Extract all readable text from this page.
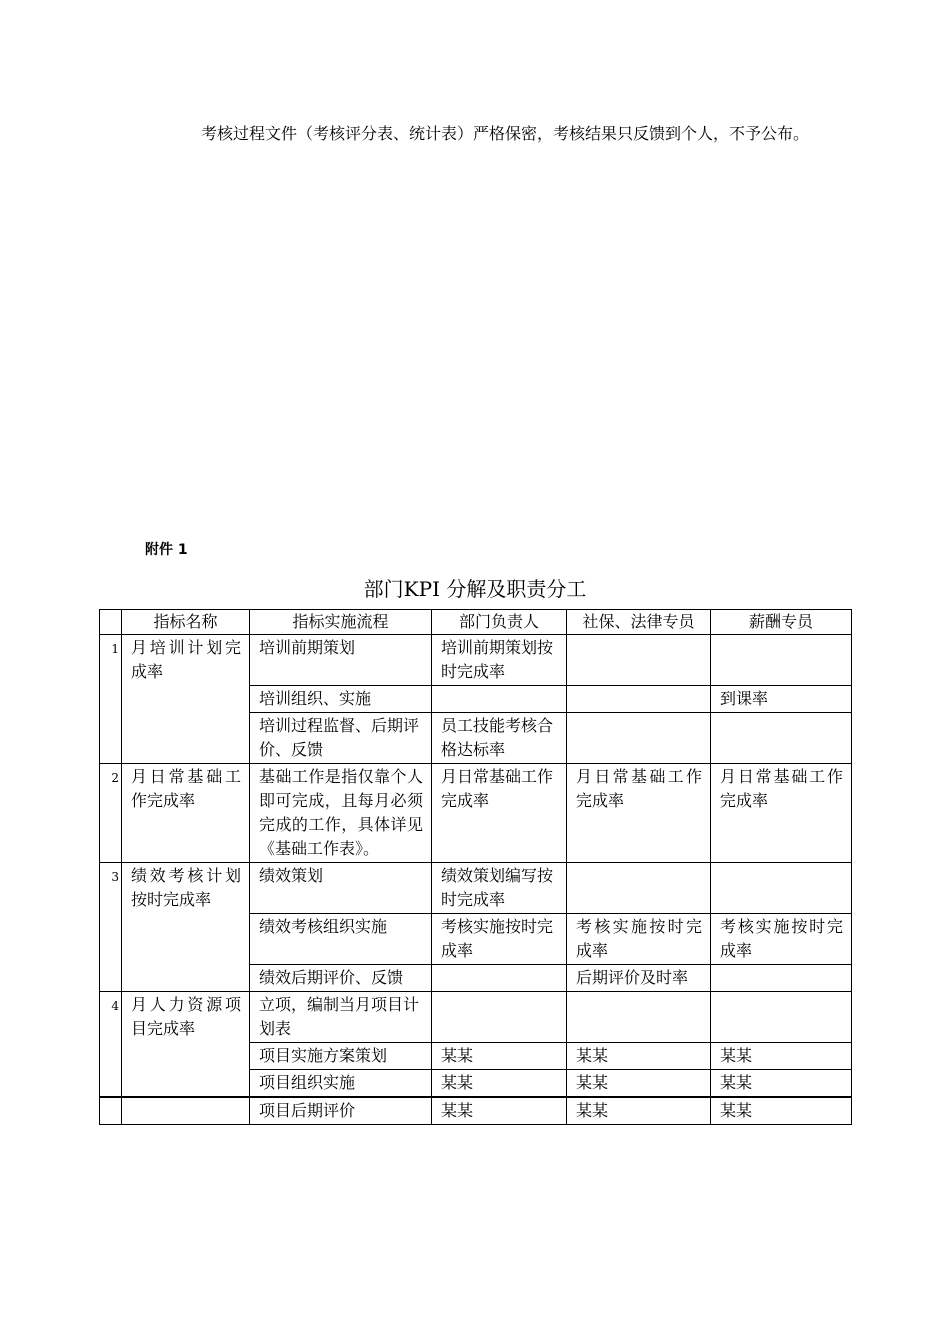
考核过程文件（考核评分表、统计表）严格保密，考核结果只反馈到个人，不予公布。
附件 1
部门KPI 分解及职责分工
	指标名称	指标实施流程	部门负责人	社保、法律专员	薪酬专员
1	月培训计划完成率	培训前期策划	培训前期策划按时完成率		
		培训组织、实施			到课率
		培训过程监督、后期评价、反馈	员工技能考核合格达标率		
2	月日常基础工作完成率	基础工作是指仅靠个人即可完成，且每月必须完成的工作，具体详见《基础工作表》。	月日常基础工作完成率	月日常基础工作完成率	月日常基础工作完成率
3	绩效考核计划按时完成率	绩效策划	绩效策划编写按时完成率		
		绩效考核组织实施	考核实施按时完成率	考核实施按时完成率	考核实施按时完成率
		绩效后期评价、反馈		后期评价及时率	
4	月人力资源项目完成率	立项，编制当月项目计划表			
		项目实施方案策划	某某	某某	某某
		项目组织实施	某某	某某	某某
		项目后期评价	某某	某某	某某
